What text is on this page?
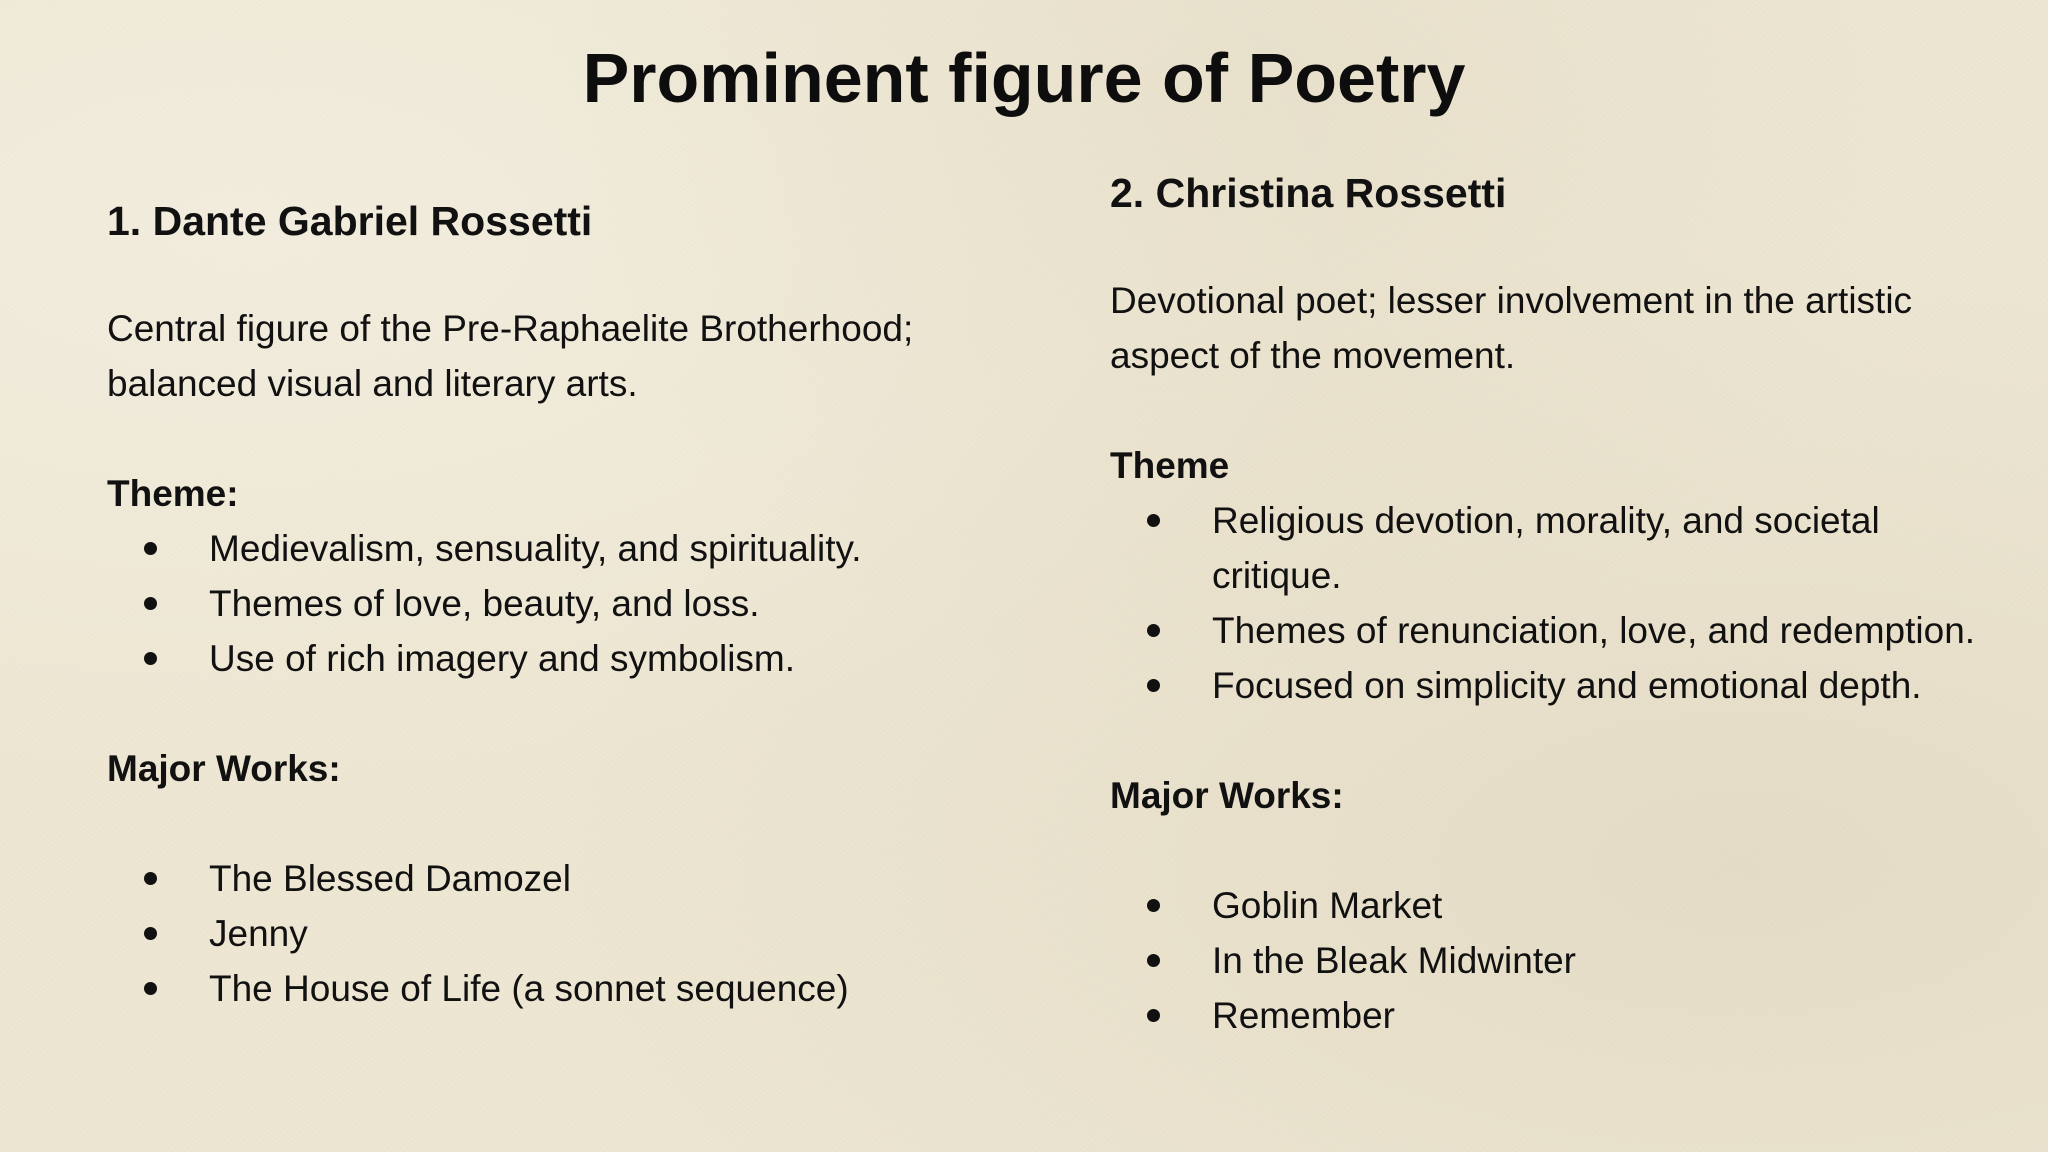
Prominent figure of Poetry
1. Dante Gabriel Rossetti

Central figure of the Pre-Raphaelite Brotherhood; balanced visual and literary arts.

Theme:

Medievalism, sensuality, and spirituality.
Themes of love, beauty, and loss.
Use of rich imagery and symbolism.

Major Works:

The Blessed Damozel
Jenny
The House of Life (a sonnet sequence)
2. Christina Rossetti

Devotional poet; lesser involvement in the artistic aspect of the movement.

Theme

Religious devotion, morality, and societal critique.
Themes of renunciation, love, and redemption.
Focused on simplicity and emotional depth.

Major Works:

Goblin Market
In the Bleak Midwinter
Remember
